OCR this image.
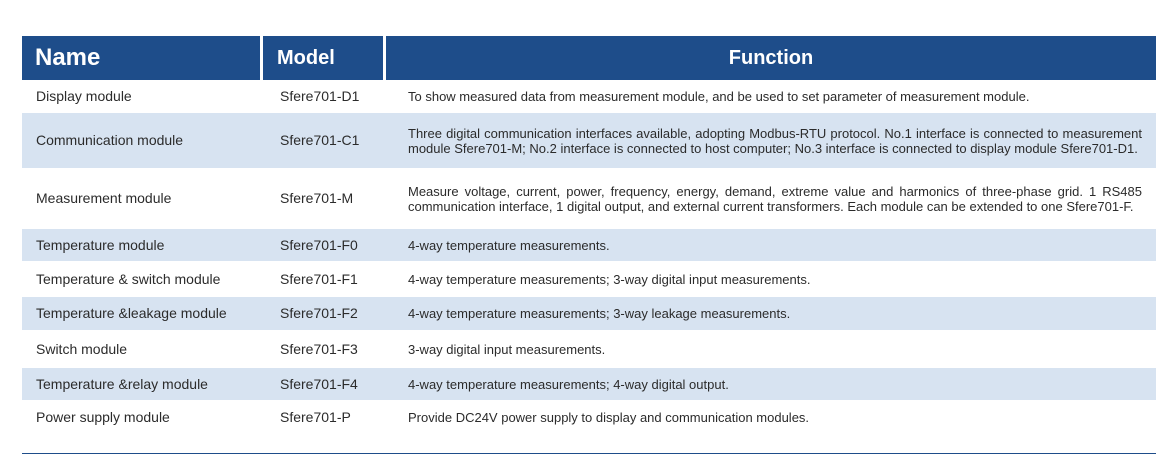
Name	Model	Function
Display module	Sfere701-D1	To show measured data from measurement module, and be used to set parameter of measurement module.
Communication module	Sfere701-C1	Three digital communication interfaces available, adopting Modbus-RTU protocol. No.1 interface is connected to measurement module Sfere701-M; No.2 interface is connected to host computer; No.3 interface is connected to display module Sfere701-D1.
Measurement module	Sfere701-M	Measure voltage, current, power, frequency, energy, demand, extreme value and harmonics of three-phase grid. 1 RS485 communication interface, 1 digital output, and external current transformers. Each module can be extended to one Sfere701-F.
Temperature module	Sfere701-F0	4-way temperature measurements.
Temperature & switch module	Sfere701-F1	4-way temperature measurements; 3-way digital input measurements.
Temperature &leakage module	Sfere701-F2	4-way temperature measurements; 3-way leakage measurements.
Switch module	Sfere701-F3	3-way digital input measurements.
Temperature &relay module	Sfere701-F4	4-way temperature measurements; 4-way digital output.
Power supply module	Sfere701-P	Provide DC24V power supply to display and communication modules.
